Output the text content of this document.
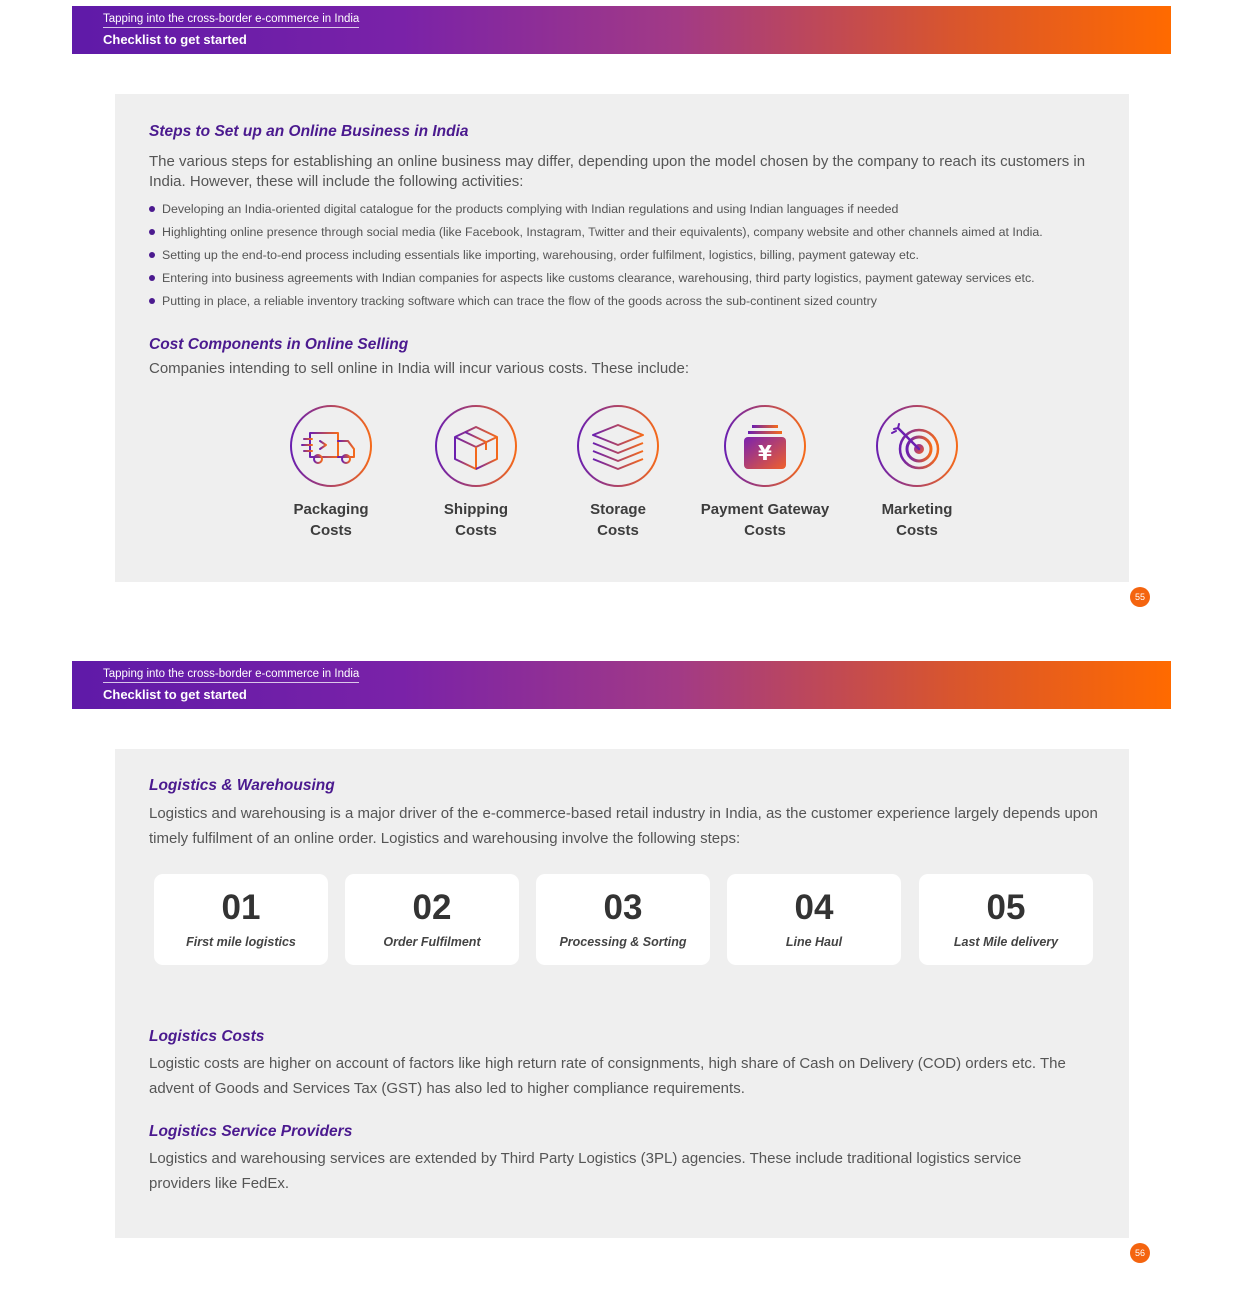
Tapping into the cross-border e-commerce in India
Checklist to get started
Steps to Set up an Online Business in India

The various steps for establishing an online business may differ, depending upon the model chosen by the company to reach its customers in India. However, these will include the following activities:

Developing an India-oriented digital catalogue for the products complying with Indian regulations and using Indian languages if needed
Highlighting online presence through social media (like Facebook, Instagram, Twitter and their equivalents), company website and other channels aimed at India.
Setting up the end-to-end process including essentials like importing, warehousing, order fulfilment, logistics, billing, payment gateway etc.
Entering into business agreements with Indian companies for aspects like customs clearance, warehousing, third party logistics, payment gateway services etc.
Putting in place, a reliable inventory tracking software which can trace the flow of the goods across the sub-continent sized country
Cost Components in Online Selling

Companies intending to sell online in India will incur various costs. These include:

Packaging
Costs
Shipping
Costs
Storage
Costs
¥
Payment Gateway
Costs
Marketing
Costs
55
Tapping into the cross-border e-commerce in India
Checklist to get started
Logistics & Warehousing

Logistics and warehousing is a major driver of the e-commerce-based retail industry in India, as the customer experience largely depends upon timely fulfilment of an online order. Logistics and warehousing involve the following steps:

01
First mile logistics
02
Order Fulfilment
03
Processing & Sorting
04
Line Haul
05
Last Mile delivery
Logistics Costs

Logistic costs are higher on account of factors like high return rate of consignments, high share of Cash on Delivery (COD) orders etc. The advent of Goods and Services Tax (GST) has also led to higher compliance requirements.

Logistics Service Providers

Logistics and warehousing services are extended by Third Party Logistics (3PL) agencies. These include traditional logistics service providers like FedEx.

56
